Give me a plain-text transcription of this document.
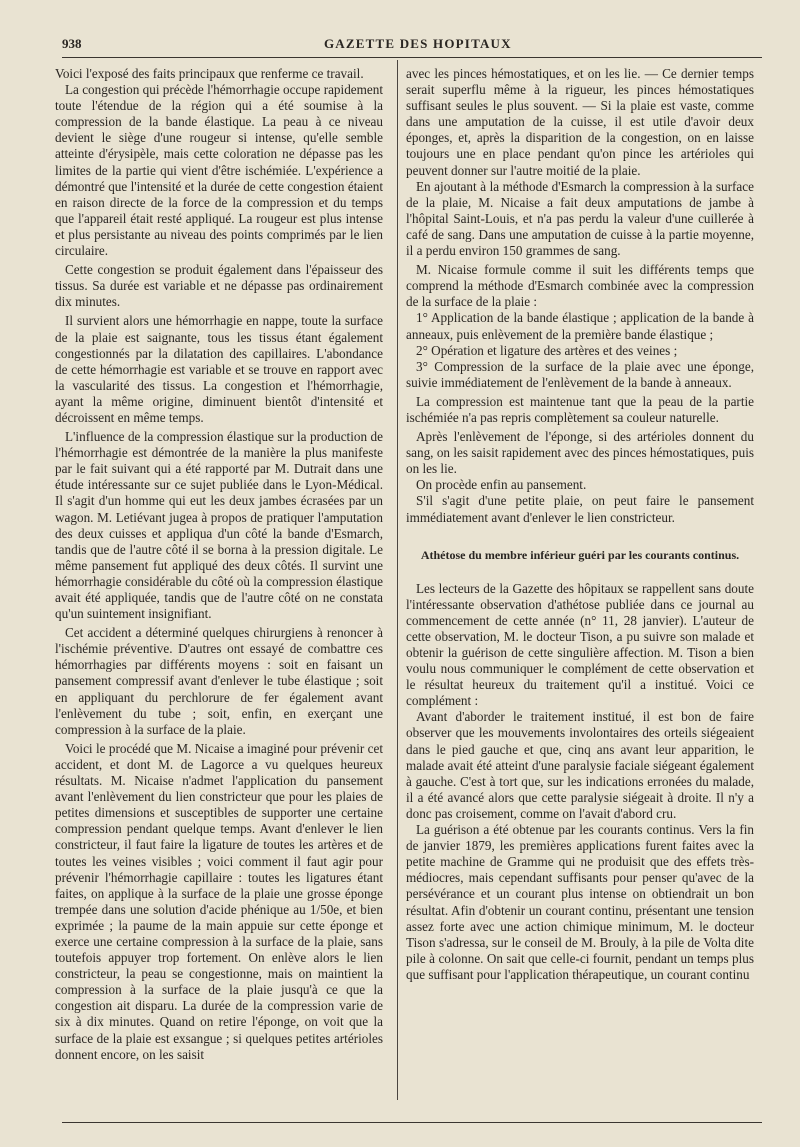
938	GAZETTE DES HOPITAUX

Voici l'exposé des faits principaux que renferme ce travail.

La congestion qui précède l'hémorrhagie occupe rapidement toute l'étendue de la région qui a été soumise à la compression de la bande élastique. La peau à ce niveau devient le siège d'une rougeur si intense, qu'elle semble atteinte d'érysipèle, mais cette coloration ne dépasse pas les limites de la partie qui vient d'être ischémiée. L'expérience a démontré que l'intensité et la durée de cette congestion étaient en raison directe de la force de la compression et du temps que l'appareil était resté appliqué. La rougeur est plus intense et plus persistante au niveau des points comprimés par le lien circulaire.

Cette congestion se produit également dans l'épaisseur des tissus. Sa durée est variable et ne dépasse pas ordinairement dix minutes.

Il survient alors une hémorrhagie en nappe, toute la surface de la plaie est saignante, tous les tissus étant également congestionnés par la dilatation des capillaires. L'abondance de cette hémorrhagie est variable et se trouve en rapport avec la vascularité des tissus. La congestion et l'hémorrhagie, ayant la même origine, diminuent bientôt d'intensité et décroissent en même temps.

L'influence de la compression élastique sur la production de l'hémorrhagie est démontrée de la manière la plus manifeste par le fait suivant qui a été rapporté par M. Dutrait dans une étude intéressante sur ce sujet publiée dans le Lyon-Médical. Il s'agit d'un homme qui eut les deux jambes écrasées par un wagon. M. Letiévant jugea à propos de pratiquer l'amputation des deux cuisses et appliqua d'un côté la bande d'Esmarch, tandis que de l'autre côté il se borna à la pression digitale. Le même pansement fut appliqué des deux côtés. Il survint une hémorrhagie considérable du côté où la compression élastique avait été appliquée, tandis que de l'autre côté on ne constata qu'un suintement insignifiant.

Cet accident a déterminé quelques chirurgiens à renoncer à l'ischémie préventive. D'autres ont essayé de combattre ces hémorrhagies par différents moyens : soit en faisant un pansement compressif avant d'enlever le tube élastique ; soit en appliquant du perchlorure de fer également avant l'enlèvement du tube ; soit, enfin, en exerçant une compression à la surface de la plaie.

Voici le procédé que M. Nicaise a imaginé pour prévenir cet accident, et dont M. de Lagorce a vu quelques heureux résultats. M. Nicaise n'admet l'application du pansement avant l'enlèvement du lien constricteur que pour les plaies de petites dimensions et susceptibles de supporter une certaine compression pendant quelque temps. Avant d'enlever le lien constricteur, il faut faire la ligature de toutes les artères et de toutes les veines visibles ; voici comment il faut agir pour prévenir l'hémorrhagie capillaire : toutes les ligatures étant faites, on applique à la surface de la plaie une grosse éponge trempée dans une solution d'acide phénique au 1/50e, et bien exprimée ; la paume de la main appuie sur cette éponge et exerce une certaine compression à la surface de la plaie, sans toutefois appuyer trop fortement. On enlève alors le lien constricteur, la peau se congestionne, mais on maintient la compression à la surface de la plaie jusqu'à ce que la congestion ait disparu. La durée de la compression varie de six à dix minutes. Quand on retire l'éponge, on voit que la surface de la plaie est exsangue ; si quelques petites artérioles donnent encore, on les saisit

avec les pinces hémostatiques, et on les lie. — Ce dernier temps serait superflu même à la rigueur, les pinces hémostatiques suffisant seules le plus souvent. — Si la plaie est vaste, comme dans une amputation de la cuisse, il est utile d'avoir deux éponges, et, après la disparition de la congestion, on en laisse toujours une en place pendant qu'on pince les artérioles qui peuvent donner sur l'autre moitié de la plaie.

En ajoutant à la méthode d'Esmarch la compression à la surface de la plaie, M. Nicaise a fait deux amputations de jambe à l'hôpital Saint-Louis, et n'a pas perdu la valeur d'une cuillerée à café de sang. Dans une amputation de cuisse à la partie moyenne, il a perdu environ 150 grammes de sang.

M. Nicaise formule comme il suit les différents temps que comprend la méthode d'Esmarch combinée avec la compression de la surface de la plaie :

1° Application de la bande élastique ; application de la bande à anneaux, puis enlèvement de la première bande élastique ;

2° Opération et ligature des artères et des veines ;

3° Compression de la surface de la plaie avec une éponge, suivie immédiatement de l'enlèvement de la bande à anneaux.

La compression est maintenue tant que la peau de la partie ischémiée n'a pas repris complètement sa couleur naturelle.

Après l'enlèvement de l'éponge, si des artérioles donnent du sang, on les saisit rapidement avec des pinces hémostatiques, puis on les lie.

On procède enfin au pansement.

S'il s'agit d'une petite plaie, on peut faire le pansement immédiatement avant d'enlever le lien constricteur.

Athétose du membre inférieur guéri par les courants continus.

Les lecteurs de la Gazette des hôpitaux se rappellent sans doute l'intéressante observation d'athétose publiée dans ce journal au commencement de cette année (n° 11, 28 janvier). L'auteur de cette observation, M. le docteur Tison, a pu suivre son malade et obtenir la guérison de cette singulière affection. M. Tison a bien voulu nous communiquer le complément de cette observation et le résultat heureux du traitement qu'il a institué. Voici ce complément :

Avant d'aborder le traitement institué, il est bon de faire observer que les mouvements involontaires des orteils siégeaient dans le pied gauche et que, cinq ans avant leur apparition, le malade avait été atteint d'une paralysie faciale siégeant également à gauche. C'est à tort que, sur les indications erronées du malade, il a été avancé alors que cette paralysie siégeait à droite. Il n'y a donc pas croisement, comme on l'avait d'abord cru.

La guérison a été obtenue par les courants continus. Vers la fin de janvier 1879, les premières applications furent faites avec la petite machine de Gramme qui ne produisit que des effets très-médiocres, mais cependant suffisants pour penser qu'avec de la persévérance et un courant plus intense on obtiendrait un bon résultat. Afin d'obtenir un courant continu, présentant une tension assez forte avec une action chimique minimum, M. le docteur Tison s'adressa, sur le conseil de M. Brouly, à la pile de Volta dite pile à colonne. On sait que celle-ci fournit, pendant un temps plus que suffisant pour l'application thérapeutique, un courant continu
